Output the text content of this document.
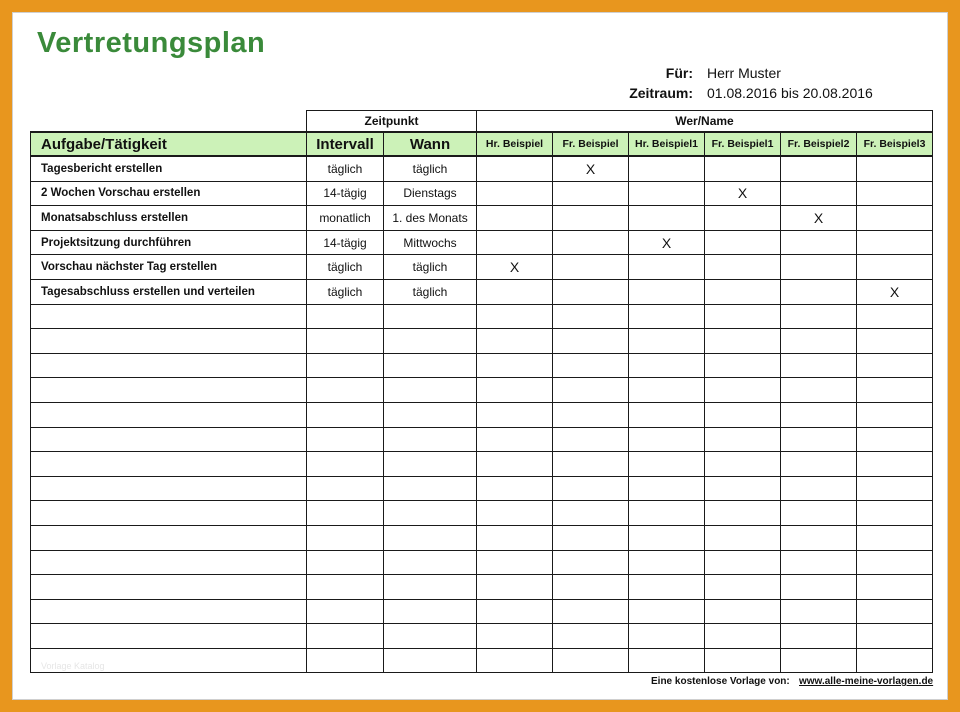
Vertretungsplan
Für: Herr Muster
Zeitraum: 01.08.2016 bis 20.08.2016
	Zeitpunkt		Wer/Name					
Aufgabe/Tätigkeit	Intervall	Wann	Hr. Beispiel	Fr. Beispiel	Hr. Beispiel1	Fr. Beispiel1	Fr. Beispiel2	Fr. Beispiel3
Tagesbericht erstellen	täglich	täglich		X				
2 Wochen Vorschau erstellen	14-tägig	Dienstags				X		
Monatsabschluss erstellen	monatlich	1. des Monats					X	
Projektsitzung durchführen	14-tägig	Mittwochs			X			
Vorschau nächster Tag erstellen	täglich	täglich	X					
Tagesabschluss erstellen und verteilen	täglich	täglich						X

Eine kostenlose Vorlage von: www.alle-meine-vorlagen.de
Vorlage Katalog
